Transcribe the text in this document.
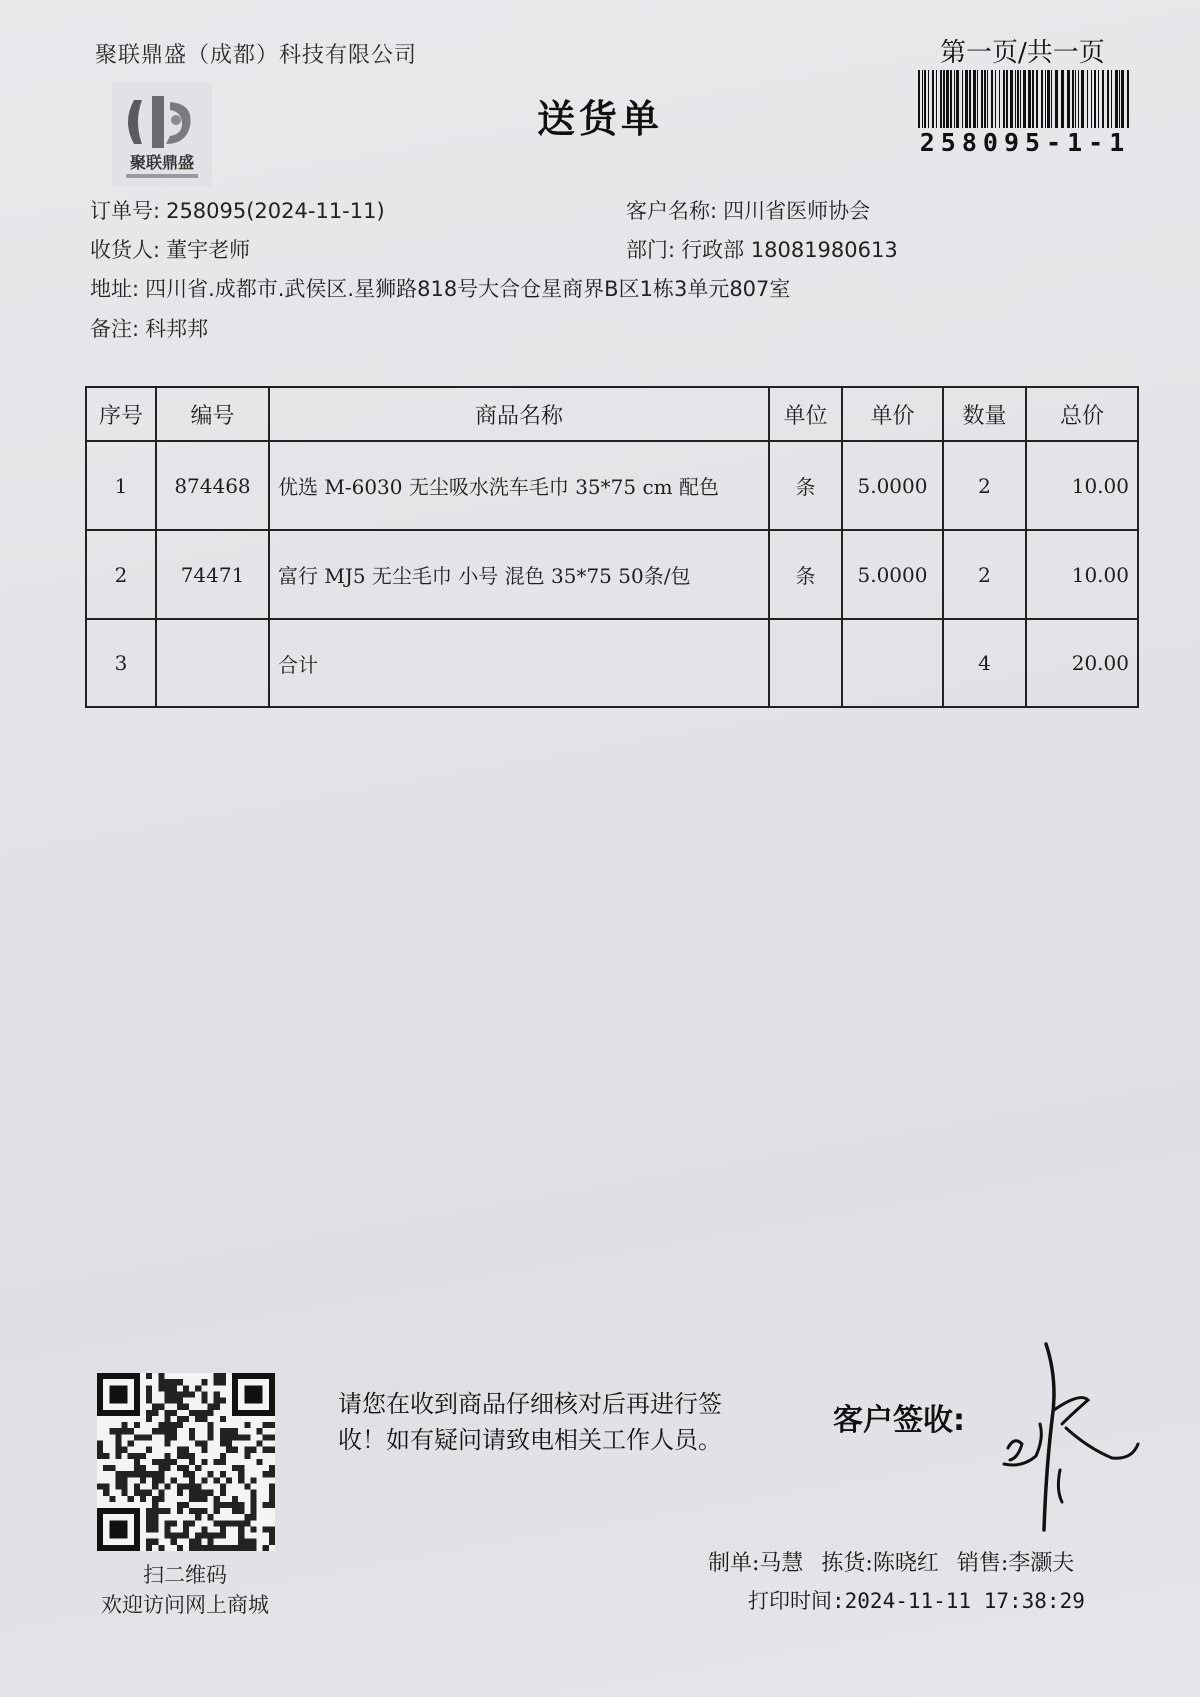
聚联鼎盛（成都）科技有限公司
聚联鼎盛
送货单
第一页/共一页
258095-1-1
订单号: 258095(2024-11-11)	客户名称: 四川省医师协会
收货人: 董宇老师	部门: 行政部 18081980613
地址: 四川省.成都市.武侯区.星狮路818号大合仓星商界B区1栋3单元807室
备注: 科邦邦
序号	编号	商品名称	单位	单价	数量	总价
1	874468	优选 M-6030 无尘吸水洗车毛巾 35*75 cm 配色	条	5.0000	2	10.00
2	74471	富行 MJ5 无尘毛巾 小号 混色 35*75 50条/包	条	5.0000	2	10.00
3		合计			4	20.00
扫二维码
欢迎访问网上商城
请您在收到商品仔细核对后再进行签收！如有疑问请致电相关工作人员。
客户签收:
制单:马慧 拣货:陈晓红 销售:李灏夫
打印时间:2024-11-11 17:38:29
